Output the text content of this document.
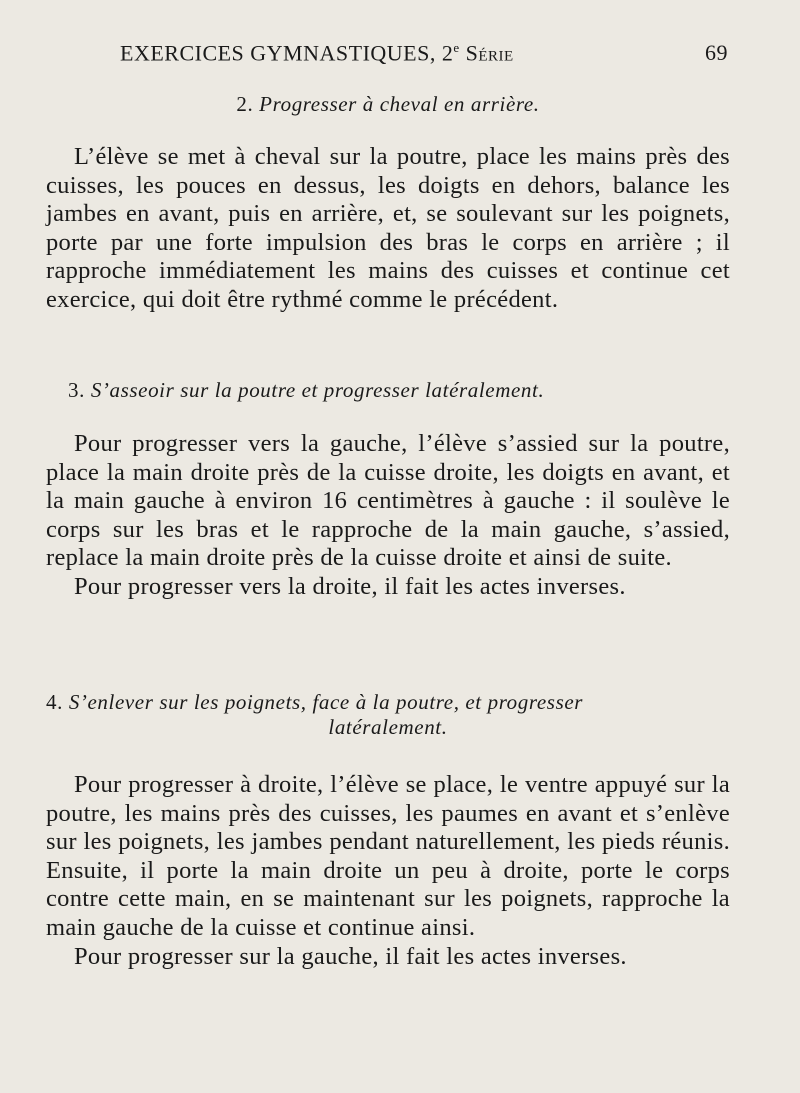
EXERCICES GYMNASTIQUES, 2e Série	69
2. Progresser à cheval en arrière.

L’élève se met à cheval sur la poutre, place les mains près des cuisses, les pouces en dessus, les doigts en dehors, balance les jambes en avant, puis en arrière, et, se soulevant sur les poignets, porte par une forte impulsion des bras le corps en arrière ; il rapproche immédiatement les mains des cuisses et continue cet exercice, qui doit être rythmé comme le précédent.

3. S’asseoir sur la poutre et progresser latéralement.

Pour progresser vers la gauche, l’élève s’assied sur la poutre, place la main droite près de la cuisse droite, les doigts en avant, et la main gauche à environ 16 centimètres à gauche : il soulève le corps sur les bras et le rapproche de la main gauche, s’assied, replace la main droite près de la cuisse droite et ainsi de suite.

Pour progresser vers la droite, il fait les actes inverses.

4. S’enlever sur les poignets, face à la poutre, et progresser
latéralement.

Pour progresser à droite, l’élève se place, le ventre appuyé sur la poutre, les mains près des cuisses, les paumes en avant et s’enlève sur les poignets, les jambes pendant naturellement, les pieds réunis. Ensuite, il porte la main droite un peu à droite, porte le corps contre cette main, en se maintenant sur les poignets, rapproche la main gauche de la cuisse et continue ainsi.

Pour progresser sur la gauche, il fait les actes inverses.
